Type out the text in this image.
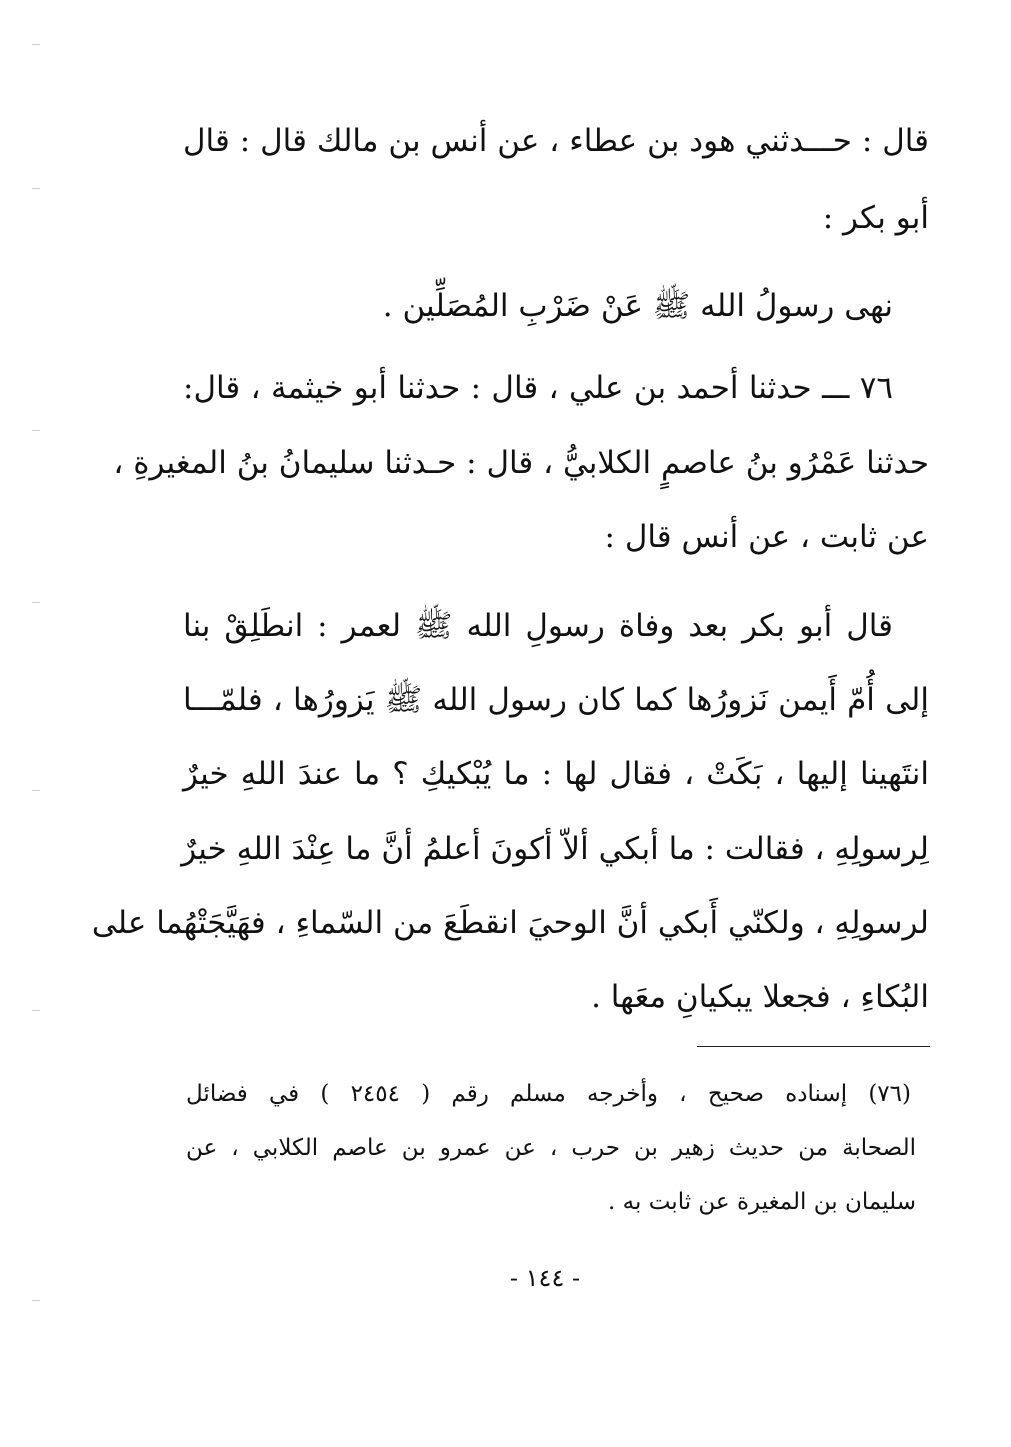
قال : حـــدثني هود بن عطاء ، عن أنس بن مالك قال : قال
أبو بكر :
نهى رسولُ الله ﷺ عَنْ ضَرْبِ المُصَلِّين .
٧٦ ـــ حدثنا أحمد بن علي ، قال : حدثنا أبو خيثمة ، قال:
حدثنا عَمْرُو بنُ عاصمٍ الكلابيُّ ، قال : حـدثنا سليمانُ بنُ المغيرةِ ،
عن ثابت ، عن أنس قال :
قال أبو بكر بعد وفاة رسولِ الله ﷺ لعمر : انطَلِقْ بنا
إلى أُمّ أَيمن نَزورُها كما كان رسول الله ﷺ يَزورُها ، فلمّـــا
انتَهينا إليها ، بَكَتْ ، فقال لها : ما يُبْكيكِ ؟ ما عندَ اللهِ خيرٌ
لِرسولِهِ ، فقالت : ما أبكي ألاّ أكونَ أعلمُ أنَّ ما عِنْدَ اللهِ خيرٌ
لرسولِهِ ، ولكنّي أَبكي أنَّ الوحيَ انقطَعَ من السّماءِ ، فهَيَّجَتْهُما على
البُكاءِ ، فجعلا يبكيانِ معَها .
(٧٦) إسناده صحيح ، وأخرجه مسلم رقم ( ٢٤٥٤ ) في فضائل
الصحابة من حديث زهير بن حرب ، عن عمرو بن عاصم الكلابي ، عن
سليمان بن المغيرة عن ثابت به .
- ١٤٤ -
